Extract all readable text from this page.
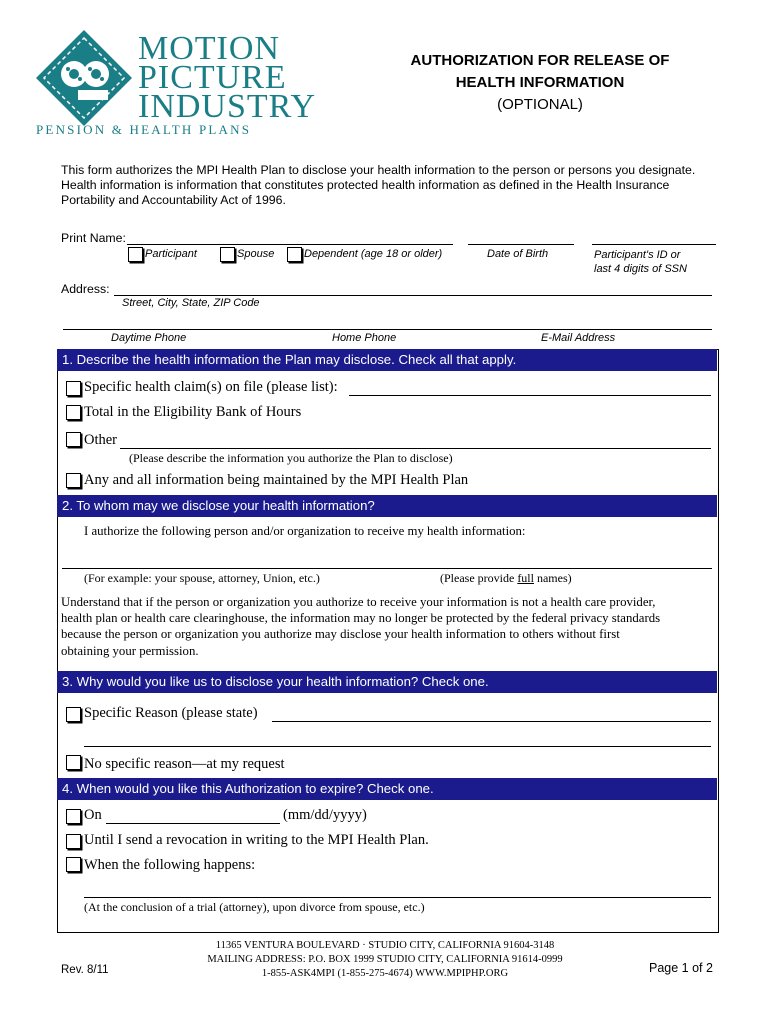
MOTION
PICTURE
INDUSTRY
PENSION & HEALTH PLANS
AUTHORIZATION FOR RELEASE OF
HEALTH INFORMATION
(OPTIONAL)
This form authorizes the MPI Health Plan to disclose your health information to the person or persons you designate.
Health information is information that constitutes protected health information as defined in the Health Insurance
Portability and Accountability Act of 1996.
Print Name:
Participant	Spouse	Dependent (age 18 or older)	Date of Birth	Participant's ID or
last 4 digits of SSN
Address:
Street, City, State, ZIP Code
Daytime Phone	Home Phone	E-Mail Address
1. Describe the health information the Plan may disclose. Check all that apply.
Specific health claim(s) on file (please list):
Total in the Eligibility Bank of Hours
Other
(Please describe the information you authorize the Plan to disclose)
Any and all information being maintained by the MPI Health Plan
2. To whom may we disclose your health information?
I authorize the following person and/or organization to receive my health information:
(For example: your spouse, attorney, Union, etc.)	(Please provide full names)
Understand that if the person or organization you authorize to receive your information is not a health care provider,
health plan or health care clearinghouse, the information may no longer be protected by the federal privacy standards
because the person or organization you authorize may disclose your health information to others without first
obtaining your permission.
3. Why would you like us to disclose your health information? Check one.
Specific Reason (please state)
No specific reason—at my request
4. When would you like this Authorization to expire? Check one.
On	(mm/dd/yyyy)
Until I send a revocation in writing to the MPI Health Plan.
When the following happens:
(At the conclusion of a trial (attorney), upon divorce from spouse, etc.)
11365 VENTURA BOULEVARD · STUDIO CITY, CALIFORNIA 91604-3148
MAILING ADDRESS: P.O. BOX 1999 STUDIO CITY, CALIFORNIA 91614-0999
1-855-ASK4MPI (1-855-275-4674) WWW.MPIPHP.ORG
Rev. 8/11	Page 1 of 2
